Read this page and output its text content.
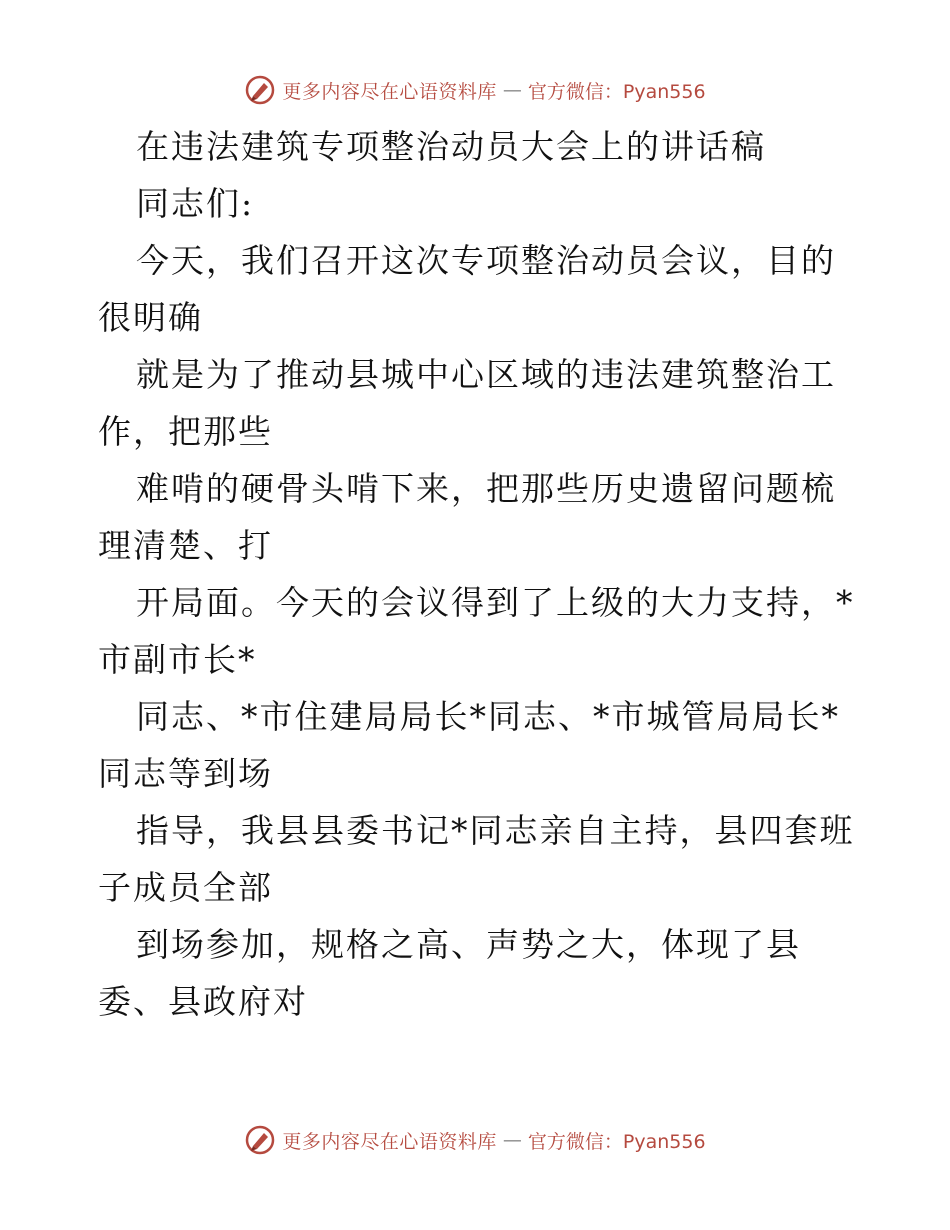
更多内容尽在心语资料库 — 官方微信：Pyan556

在违法建筑专项整治动员大会上的讲话稿

同志们:

今天，我们召开这次专项整治动员会议，目的很明确

就是为了推动县城中心区域的违法建筑整治工作，把那些

难啃的硬骨头啃下来，把那些历史遗留问题梳理清楚、打

开局面。今天的会议得到了上级的大力支持，*市副市长*

同志、*市住建局局长*同志、*市城管局局长*同志等到场

指导，我县县委书记*同志亲自主持，县四套班子成员全部

到场参加，规格之高、声势之大，体现了县委、县政府对

更多内容尽在心语资料库 — 官方微信：Pyan556
